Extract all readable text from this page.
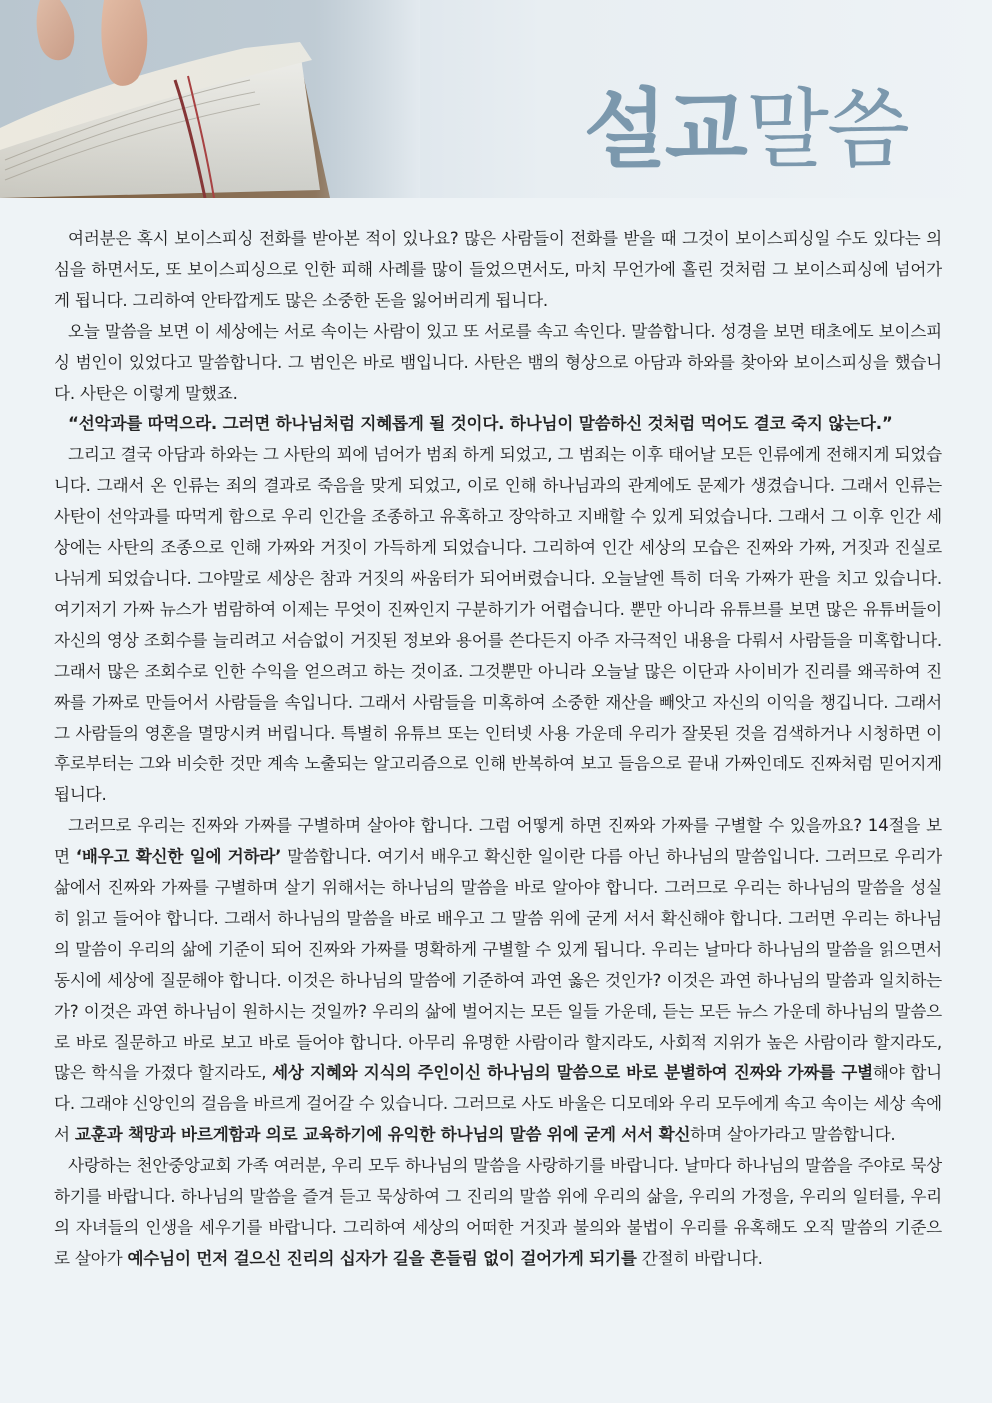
설교말씀

여러분은 혹시 보이스피싱 전화를 받아본 적이 있나요? 많은 사람들이 전화를 받을 때 그것이 보이스피싱일 수도 있다는 의심을 하면서도, 또 보이스피싱으로 인한 피해 사례를 많이 들었으면서도, 마치 무언가에 홀린 것처럼 그 보이스피싱에 넘어가게 됩니다. 그리하여 안타깝게도 많은 소중한 돈을 잃어버리게 됩니다.

오늘 말씀을 보면 이 세상에는 서로 속이는 사람이 있고 또 서로를 속고 속인다. 말씀합니다. 성경을 보면 태초에도 보이스피싱 범인이 있었다고 말씀합니다. 그 범인은 바로 뱀입니다. 사탄은 뱀의 형상으로 아담과 하와를 찾아와 보이스피싱을 했습니다. 사탄은 이렇게 말했죠.

“선악과를 따먹으라. 그러면 하나님처럼 지혜롭게 될 것이다. 하나님이 말씀하신 것처럼 먹어도 결코 죽지 않는다.”

그리고 결국 아담과 하와는 그 사탄의 꾀에 넘어가 범죄 하게 되었고, 그 범죄는 이후 태어날 모든 인류에게 전해지게 되었습니다. 그래서 온 인류는 죄의 결과로 죽음을 맞게 되었고, 이로 인해 하나님과의 관계에도 문제가 생겼습니다. 그래서 인류는 사탄이 선악과를 따먹게 함으로 우리 인간을 조종하고 유혹하고 장악하고 지배할 수 있게 되었습니다. 그래서 그 이후 인간 세상에는 사탄의 조종으로 인해 가짜와 거짓이 가득하게 되었습니다. 그리하여 인간 세상의 모습은 진짜와 가짜, 거짓과 진실로 나뉘게 되었습니다. 그야말로 세상은 참과 거짓의 싸움터가 되어버렸습니다. 오늘날엔 특히 더욱 가짜가 판을 치고 있습니다. 여기저기 가짜 뉴스가 범람하여 이제는 무엇이 진짜인지 구분하기가 어렵습니다. 뿐만 아니라 유튜브를 보면 많은 유튜버들이 자신의 영상 조회수를 늘리려고 서슴없이 거짓된 정보와 용어를 쓴다든지 아주 자극적인 내용을 다뤄서 사람들을 미혹합니다. 그래서 많은 조회수로 인한 수익을 얻으려고 하는 것이죠. 그것뿐만 아니라 오늘날 많은 이단과 사이비가 진리를 왜곡하여 진짜를 가짜로 만들어서 사람들을 속입니다. 그래서 사람들을 미혹하여 소중한 재산을 빼앗고 자신의 이익을 챙깁니다. 그래서 그 사람들의 영혼을 멸망시켜 버립니다. 특별히 유튜브 또는 인터넷 사용 가운데 우리가 잘못된 것을 검색하거나 시청하면 이후로부터는 그와 비슷한 것만 계속 노출되는 알고리즘으로 인해 반복하여 보고 들음으로 끝내 가짜인데도 진짜처럼 믿어지게 됩니다.

그러므로 우리는 진짜와 가짜를 구별하며 살아야 합니다. 그럼 어떻게 하면 진짜와 가짜를 구별할 수 있을까요? 14절을 보면 ‘배우고 확신한 일에 거하라’ 말씀합니다. 여기서 배우고 확신한 일이란 다름 아닌 하나님의 말씀입니다. 그러므로 우리가 삶에서 진짜와 가짜를 구별하며 살기 위해서는 하나님의 말씀을 바로 알아야 합니다. 그러므로 우리는 하나님의 말씀을 성실히 읽고 들어야 합니다. 그래서 하나님의 말씀을 바로 배우고 그 말씀 위에 굳게 서서 확신해야 합니다. 그러면 우리는 하나님의 말씀이 우리의 삶에 기준이 되어 진짜와 가짜를 명확하게 구별할 수 있게 됩니다. 우리는 날마다 하나님의 말씀을 읽으면서 동시에 세상에 질문해야 합니다. 이것은 하나님의 말씀에 기준하여 과연 옳은 것인가? 이것은 과연 하나님의 말씀과 일치하는가? 이것은 과연 하나님이 원하시는 것일까? 우리의 삶에 벌어지는 모든 일들 가운데, 듣는 모든 뉴스 가운데 하나님의 말씀으로 바로 질문하고 바로 보고 바로 들어야 합니다. 아무리 유명한 사람이라 할지라도, 사회적 지위가 높은 사람이라 할지라도, 많은 학식을 가졌다 할지라도, 세상 지혜와 지식의 주인이신 하나님의 말씀으로 바로 분별하여 진짜와 가짜를 구별해야 합니다. 그래야 신앙인의 걸음을 바르게 걸어갈 수 있습니다. 그러므로 사도 바울은 디모데와 우리 모두에게 속고 속이는 세상 속에서 교훈과 책망과 바르게함과 의로 교육하기에 유익한 하나님의 말씀 위에 굳게 서서 확신하며 살아가라고 말씀합니다.

사랑하는 천안중앙교회 가족 여러분, 우리 모두 하나님의 말씀을 사랑하기를 바랍니다. 날마다 하나님의 말씀을 주야로 묵상하기를 바랍니다. 하나님의 말씀을 즐겨 듣고 묵상하여 그 진리의 말씀 위에 우리의 삶을, 우리의 가정을, 우리의 일터를, 우리의 자녀들의 인생을 세우기를 바랍니다. 그리하여 세상의 어떠한 거짓과 불의와 불법이 우리를 유혹해도 오직 말씀의 기준으로 살아가 예수님이 먼저 걸으신 진리의 십자가 길을 흔들림 없이 걸어가게 되기를 간절히 바랍니다.
